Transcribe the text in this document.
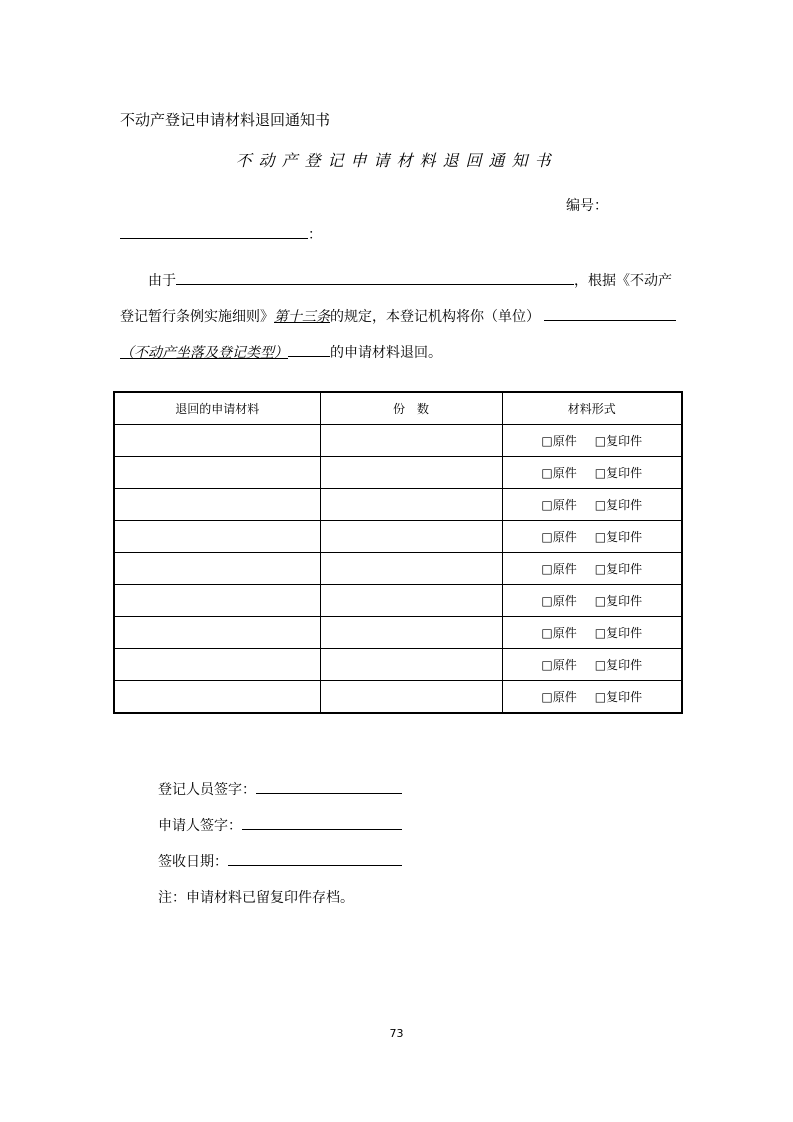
不动产登记申请材料退回通知书
不动产登记申请材料退回通知书
编号：
：
由于	，根据《不动产
登记暂行条例实施细则》第十三条的规定，本登记机构将你（单位）
（不动产坐落及登记类型）	的申请材料退回。
退回的申请材料	份　数	材料形式
		□原件 □复印件
		□原件 □复印件
		□原件 □复印件
		□原件 □复印件
		□原件 □复印件
		□原件 □复印件
		□原件 □复印件
		□原件 □复印件
		□原件 □复印件
登记人员签字：
申请人签字：
签收日期：
注：申请材料已留复印件存档。
73
